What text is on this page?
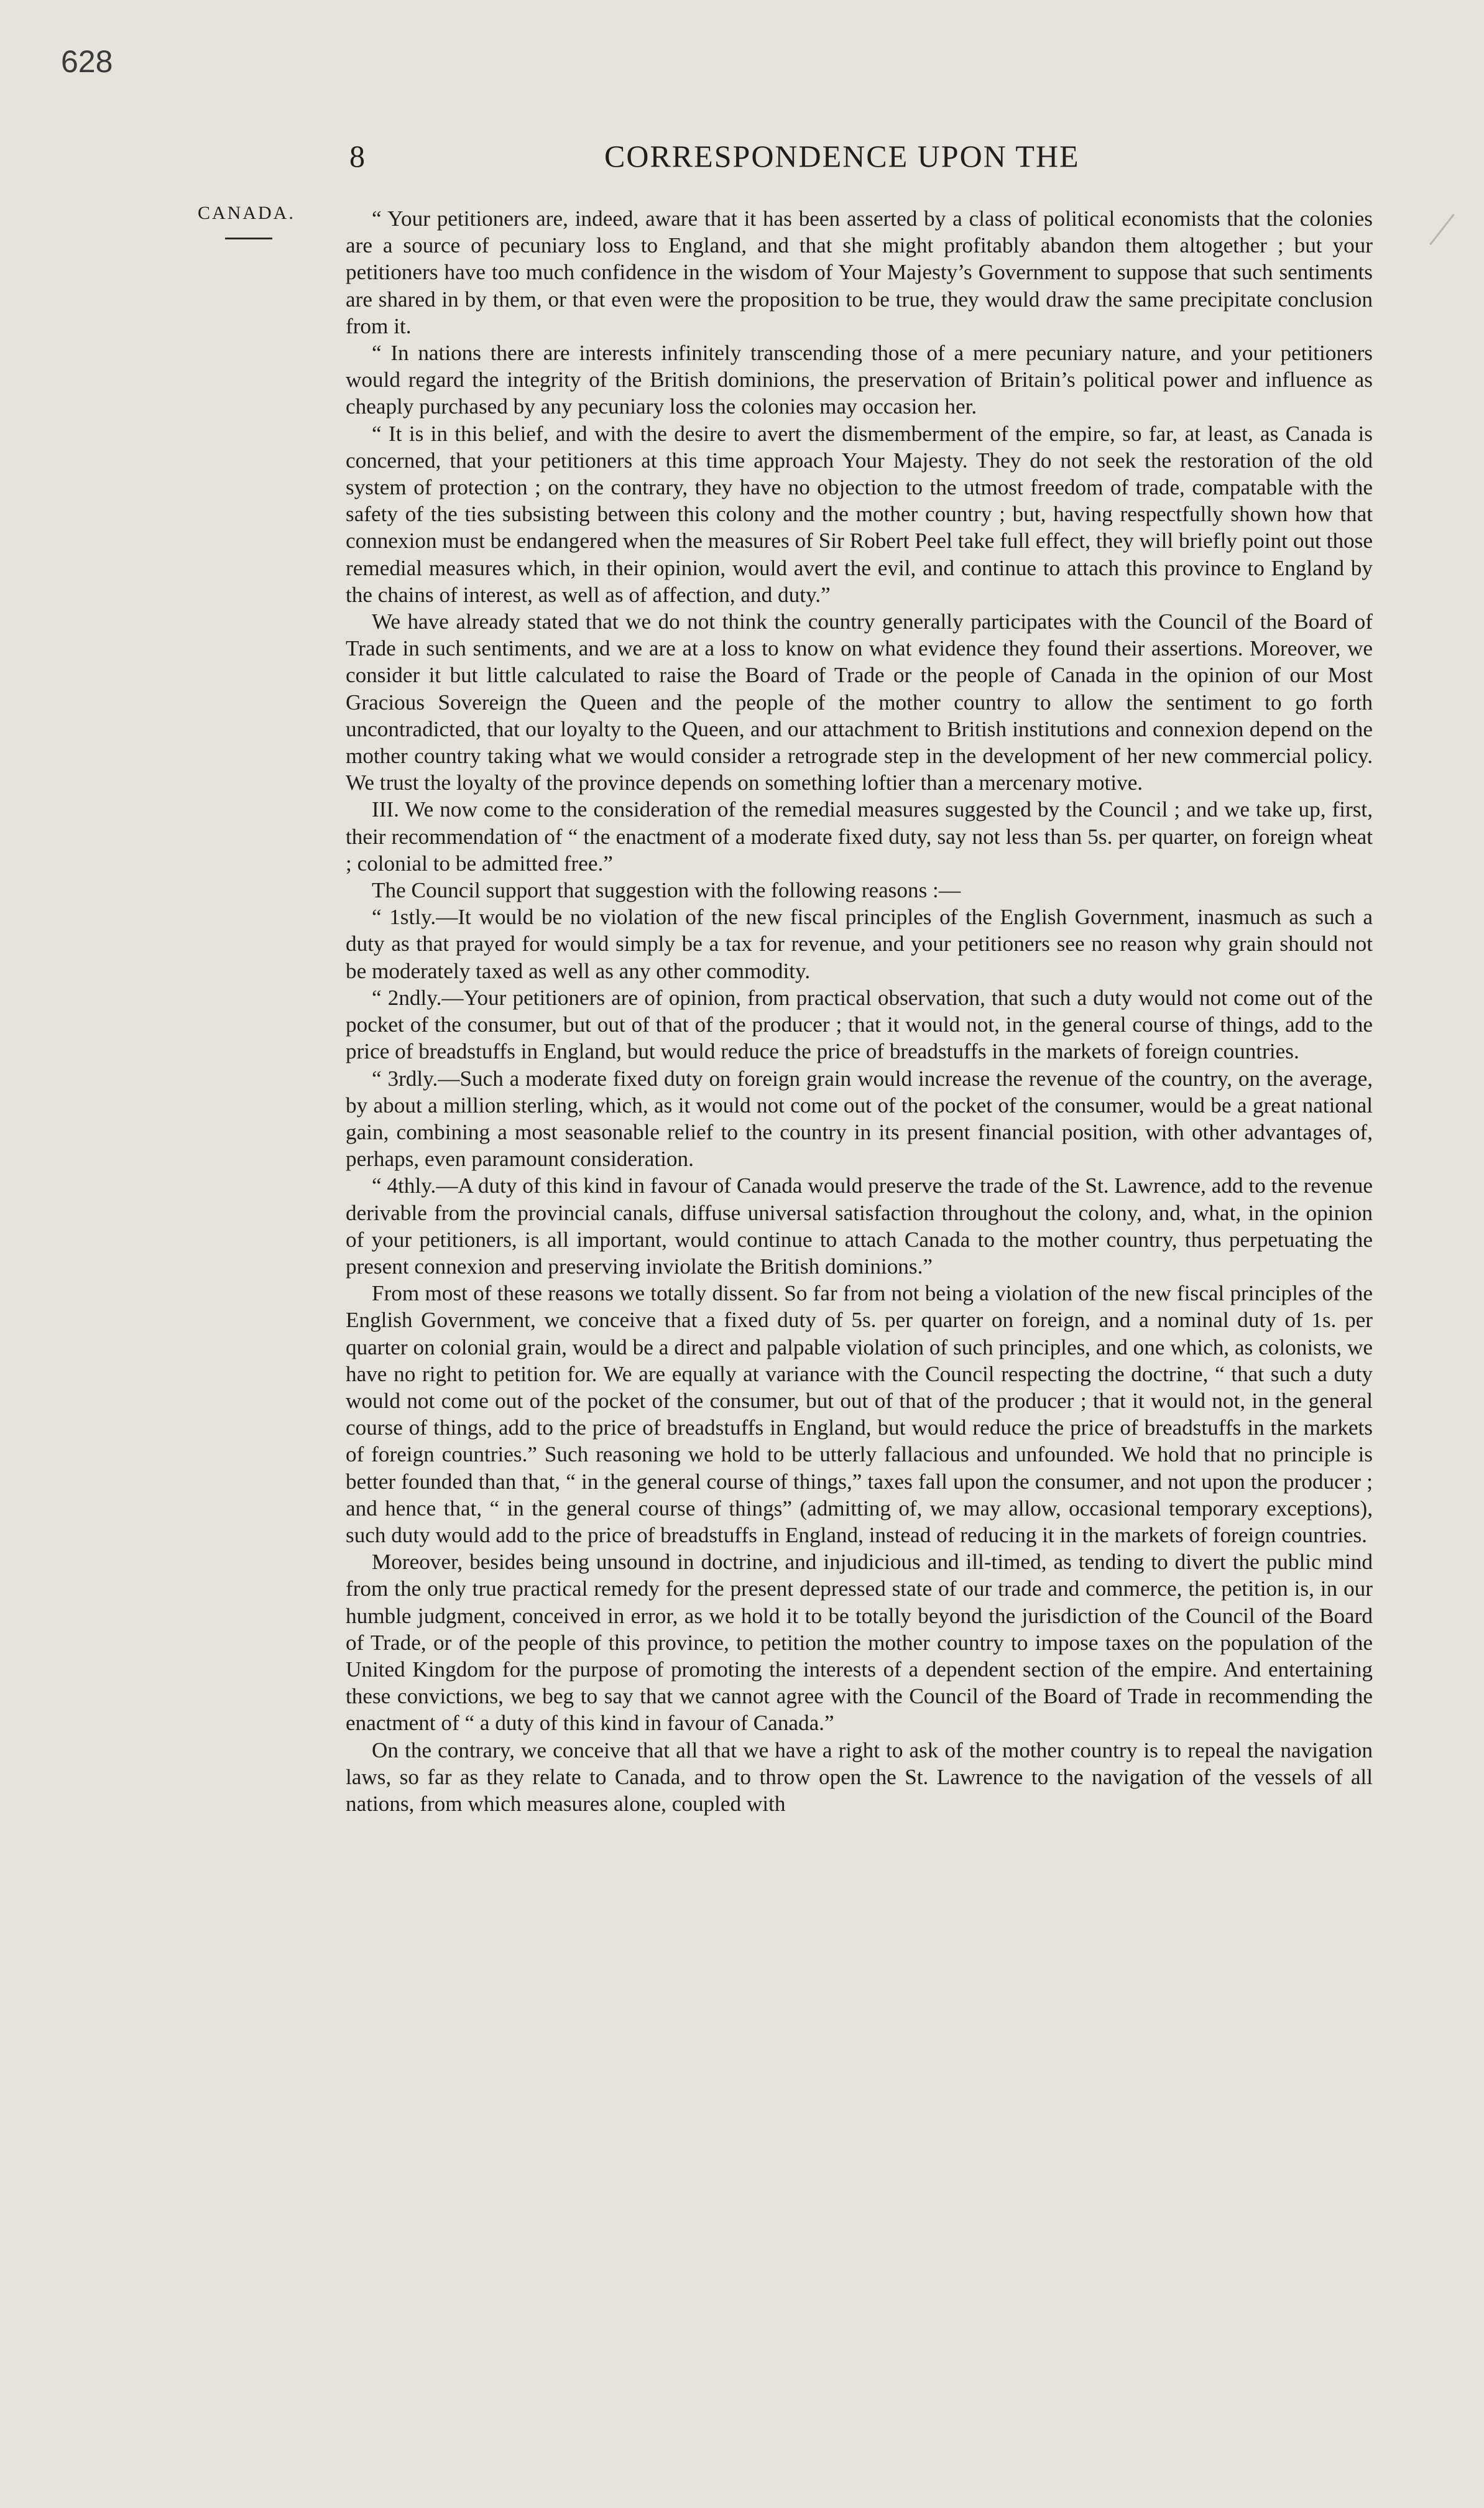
628
8	CORRESPONDENCE UPON THE
CANADA.	“ Your petitioners are, indeed, aware that it has been asserted by a class of political economists that the colonies are a source of pecuniary loss to England, and that she might profitably abandon them altogether ; but your petitioners have too much confidence in the wisdom of Your Majesty’s Government to suppose that such sentiments are shared in by them, or that even were the proposition to be true, they would draw the same precipitate conclusion from it.

“ In nations there are interests infinitely transcending those of a mere pecuniary nature, and your petitioners would regard the integrity of the British dominions, the preservation of Britain’s political power and influence as cheaply purchased by any pecuniary loss the colonies may occasion her.

“ It is in this belief, and with the desire to avert the dismemberment of the empire, so far, at least, as Canada is concerned, that your petitioners at this time approach Your Majesty. They do not seek the restoration of the old system of protection ; on the contrary, they have no objection to the utmost freedom of trade, compatable with the safety of the ties subsisting between this colony and the mother country ; but, having respectfully shown how that connexion must be endangered when the measures of Sir Robert Peel take full effect, they will briefly point out those remedial measures which, in their opinion, would avert the evil, and continue to attach this province to England by the chains of interest, as well as of affection, and duty.”

We have already stated that we do not think the country generally participates with the Council of the Board of Trade in such sentiments, and we are at a loss to know on what evidence they found their assertions. Moreover, we consider it but little calculated to raise the Board of Trade or the people of Canada in the opinion of our Most Gracious Sovereign the Queen and the people of the mother country to allow the sentiment to go forth uncontradicted, that our loyalty to the Queen, and our attachment to British institutions and connexion depend on the mother country taking what we would consider a retrograde step in the development of her new commercial policy. We trust the loyalty of the province depends on something loftier than a mercenary motive.

III. We now come to the consideration of the remedial measures suggested by the Council ; and we take up, first, their recommendation of “ the enactment of a moderate fixed duty, say not less than 5s. per quarter, on foreign wheat ; colonial to be admitted free.”

The Council support that suggestion with the following reasons :—

“ 1stly.—It would be no violation of the new fiscal principles of the English Government, inasmuch as such a duty as that prayed for would simply be a tax for revenue, and your petitioners see no reason why grain should not be moderately taxed as well as any other commodity.

“ 2ndly.—Your petitioners are of opinion, from practical observation, that such a duty would not come out of the pocket of the consumer, but out of that of the producer ; that it would not, in the general course of things, add to the price of breadstuffs in England, but would reduce the price of breadstuffs in the markets of foreign countries.

“ 3rdly.—Such a moderate fixed duty on foreign grain would increase the revenue of the country, on the average, by about a million sterling, which, as it would not come out of the pocket of the consumer, would be a great national gain, combining a most seasonable relief to the country in its present financial position, with other advantages of, perhaps, even paramount consideration.

“ 4thly.—A duty of this kind in favour of Canada would preserve the trade of the St. Lawrence, add to the revenue derivable from the provincial canals, diffuse universal satisfaction throughout the colony, and, what, in the opinion of your petitioners, is all important, would continue to attach Canada to the mother country, thus perpetuating the present connexion and preserving inviolate the British dominions.”

From most of these reasons we totally dissent. So far from not being a violation of the new fiscal principles of the English Government, we conceive that a fixed duty of 5s. per quarter on foreign, and a nominal duty of 1s. per quarter on colonial grain, would be a direct and palpable violation of such principles, and one which, as colonists, we have no right to petition for. We are equally at variance with the Council respecting the doctrine, “ that such a duty would not come out of the pocket of the consumer, but out of that of the producer ; that it would not, in the general course of things, add to the price of breadstuffs in England, but would reduce the price of breadstuffs in the markets of foreign countries.” Such reasoning we hold to be utterly fallacious and unfounded. We hold that no principle is better founded than that, “ in the general course of things,” taxes fall upon the consumer, and not upon the producer ; and hence that, “ in the general course of things” (admitting of, we may allow, occasional temporary exceptions), such duty would add to the price of breadstuffs in England, instead of reducing it in the markets of foreign countries.

Moreover, besides being unsound in doctrine, and injudicious and ill-timed, as tending to divert the public mind from the only true practical remedy for the present depressed state of our trade and commerce, the petition is, in our humble judgment, conceived in error, as we hold it to be totally beyond the jurisdiction of the Council of the Board of Trade, or of the people of this province, to petition the mother country to impose taxes on the population of the United Kingdom for the purpose of promoting the interests of a dependent section of the empire. And entertaining these convictions, we beg to say that we cannot agree with the Council of the Board of Trade in recommending the enactment of “ a duty of this kind in favour of Canada.”

On the contrary, we conceive that all that we have a right to ask of the mother country is to repeal the navigation laws, so far as they relate to Canada, and to throw open the St. Lawrence to the navigation of the vessels of all nations, from which measures alone, coupled with
